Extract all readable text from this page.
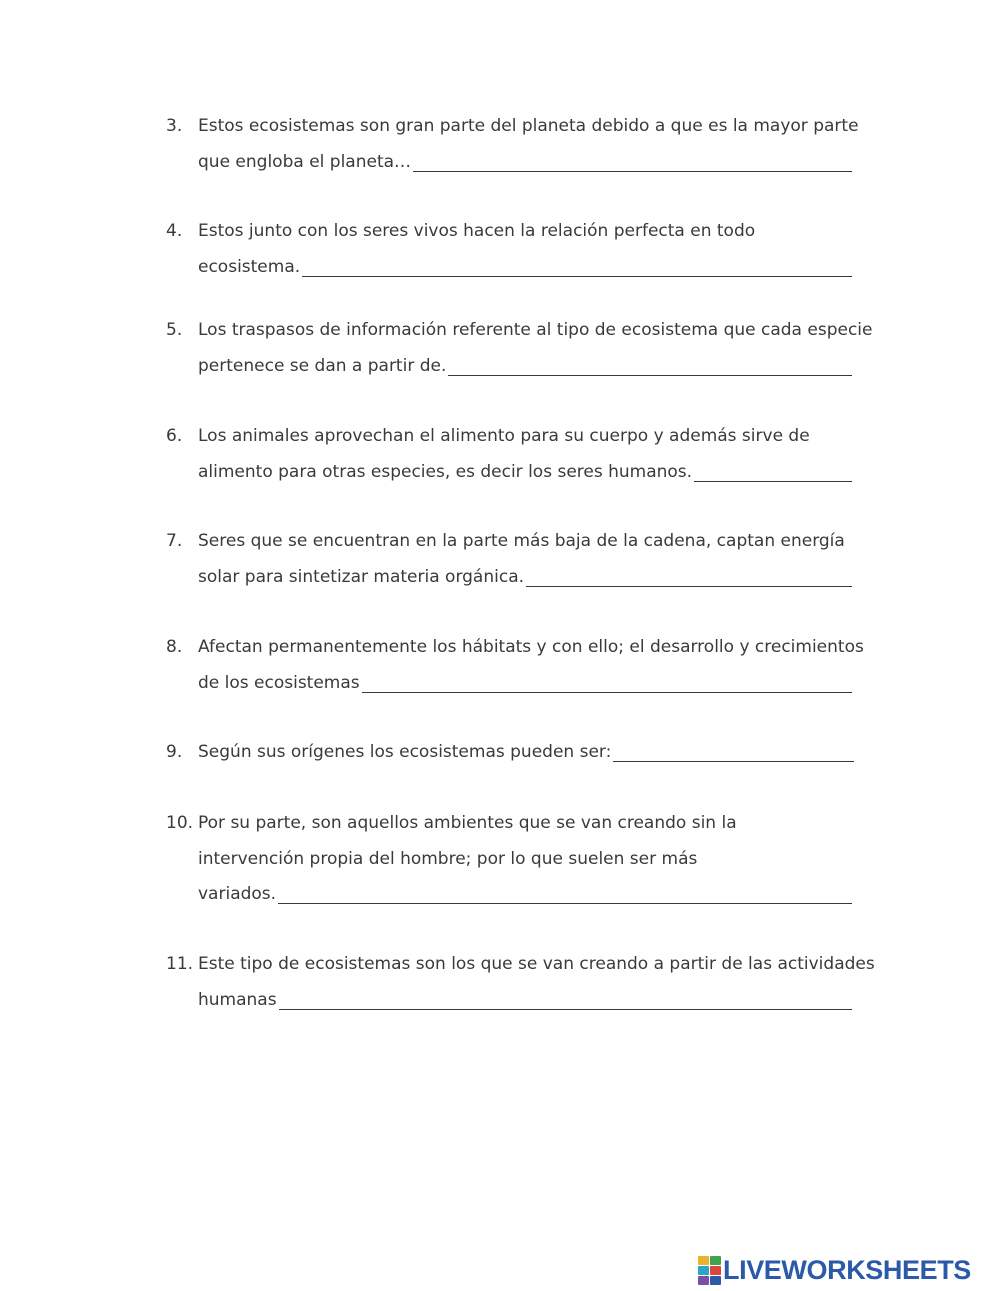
3. Estos ecosistemas son gran parte del planeta debido a que es la mayor parte
que engloba el planeta…
4. Estos junto con los seres vivos hacen la relación perfecta en todo
ecosistema.
5. Los traspasos de información referente al tipo de ecosistema que cada especie
pertenece se dan a partir de.
6. Los animales aprovechan el alimento para su cuerpo y además sirve de
alimento para otras especies, es decir los seres humanos.
7. Seres que se encuentran en la parte más baja de la cadena, captan energía
solar para sintetizar materia orgánica.
8. Afectan permanentemente los hábitats y con ello; el desarrollo y crecimientos
de los ecosistemas
9. Según sus orígenes los ecosistemas pueden ser:
10. Por su parte, son aquellos ambientes que se van creando sin la
intervención propia del hombre; por lo que suelen ser más
variados.
11. Este tipo de ecosistemas son los que se van creando a partir de las actividades
humanas
LIVEWORKSHEETS
